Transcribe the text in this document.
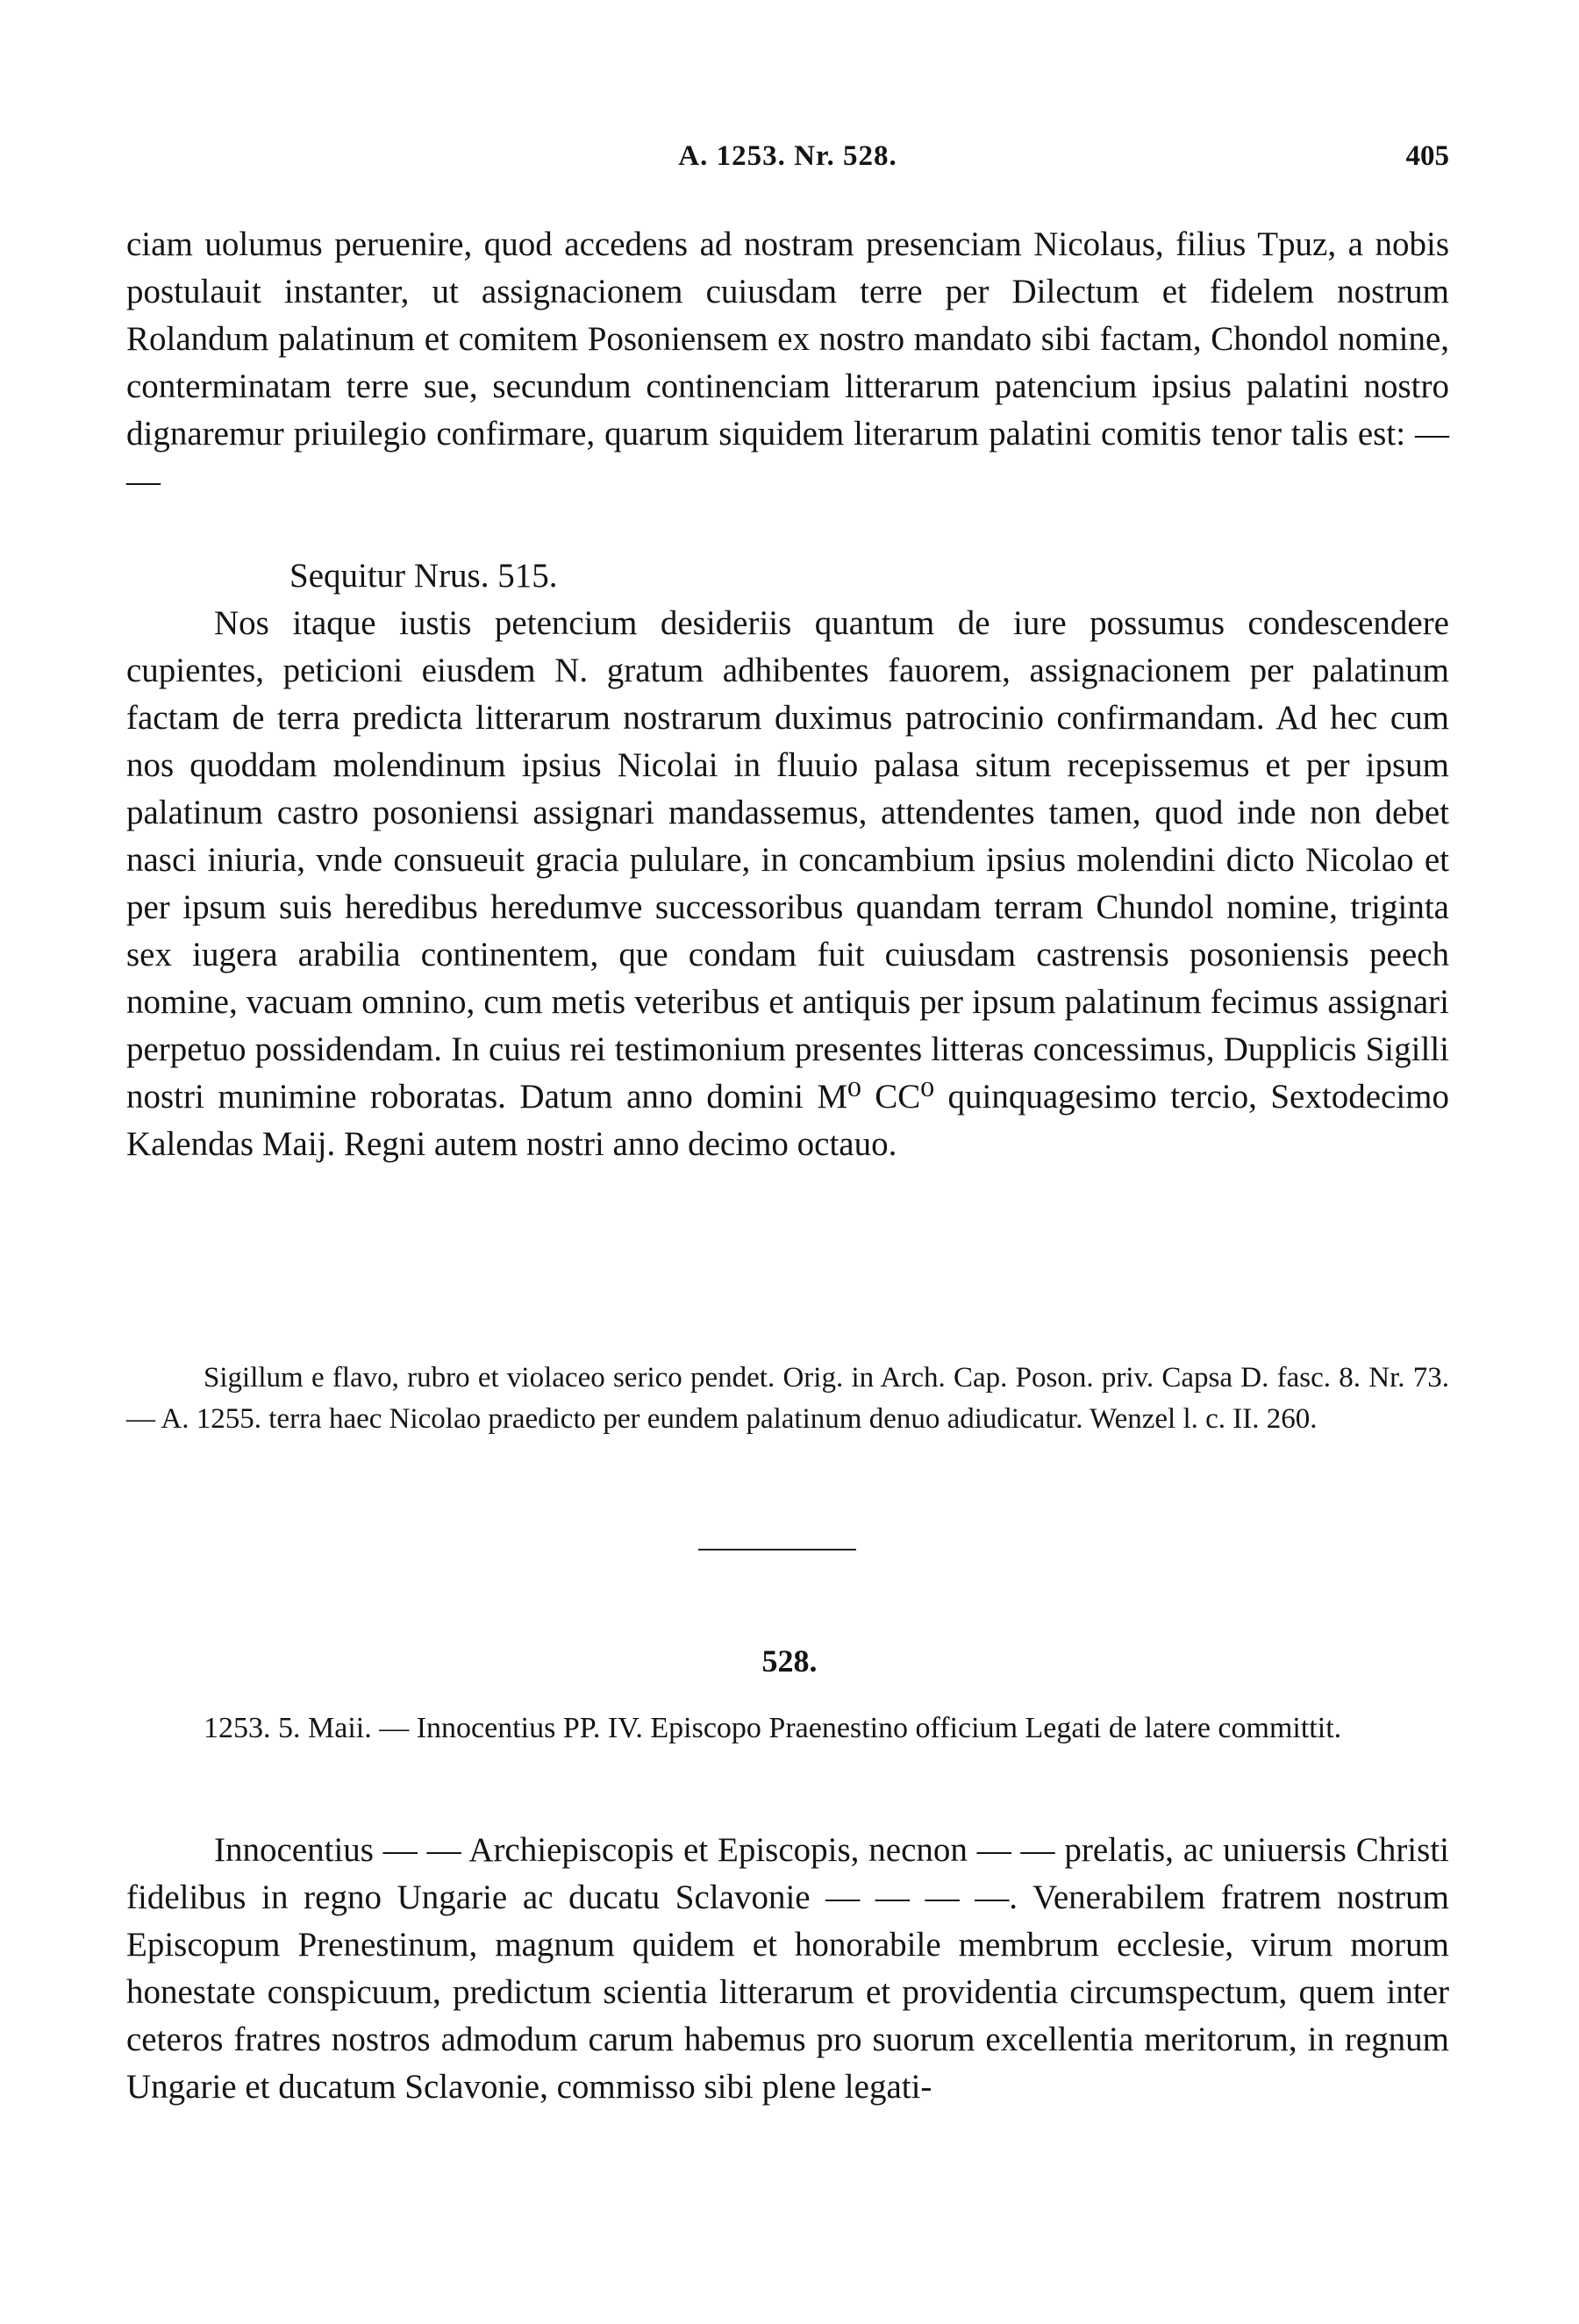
A. 1253. Nr. 528.	405

ciam uolumus peruenire, quod accedens ad nostram presenciam Nicolaus, filius Tpuz, a nobis postulauit instanter, ut assignacionem cuiusdam terre per Dilectum et fidelem nostrum Rolandum palatinum et comitem Posoniensem ex nostro mandato sibi factam, Chondol nomine, conterminatam terre sue, secundum continenciam litterarum patencium ipsius palatini nostro dignaremur priuilegio confirmare, quarum siquidem literarum palatini comitis tenor talis est: — —

Sequitur Nrus. 515.

Nos itaque iustis petencium desideriis quantum de iure possumus condescendere cupientes, peticioni eiusdem N. gratum adhibentes fauorem, assignacionem per palatinum factam de terra predicta litterarum nostrarum duximus patrocinio confirmandam. Ad hec cum nos quoddam molendinum ipsius Nicolai in fluuio palasa situm recepissemus et per ipsum palatinum castro posoniensi assignari mandassemus, attendentes tamen, quod inde non debet nasci iniuria, vnde consueuit gracia pululare, in concambium ipsius molendini dicto Nicolao et per ipsum suis heredibus heredumve successoribus quandam terram Chundol nomine, triginta sex iugera arabilia continentem, que condam fuit cuiusdam castrensis posoniensis peech nomine, vacuam omnino, cum metis veteribus et antiquis per ipsum palatinum fecimus assignari perpetuo possidendam. In cuius rei testimonium presentes litteras concessimus, Dupplicis Sigilli nostri munimine roboratas. Datum anno domini M⁰ CC⁰ quinquagesimo tercio, Sextodecimo Kalendas Maij. Regni autem nostri anno decimo octauo.

Sigillum e flavo, rubro et violaceo serico pendet. Orig. in Arch. Cap. Poson. priv. Capsa D. fasc. 8. Nr. 73. — A. 1255. terra haec Nicolao praedicto per eundem palatinum denuo adiudicatur. Wenzel l. c. II. 260.

528.

1253. 5. Maii. — Innocentius PP. IV. Episcopo Praenestino officium Legati de latere committit.

Innocentius — — Archiepiscopis et Episcopis, necnon — — prelatis, ac uniuersis Christi fidelibus in regno Ungarie ac ducatu Sclavonie — — — —. Venerabilem fratrem nostrum Episcopum Prenestinum, magnum quidem et honorabile membrum ecclesie, virum morum honestate conspicuum, predictum scientia litterarum et providentia circumspectum, quem inter ceteros fratres nostros admodum carum habemus pro suorum excellentia meritorum, in regnum Ungarie et ducatum Sclavonie, commisso sibi plene legati-
